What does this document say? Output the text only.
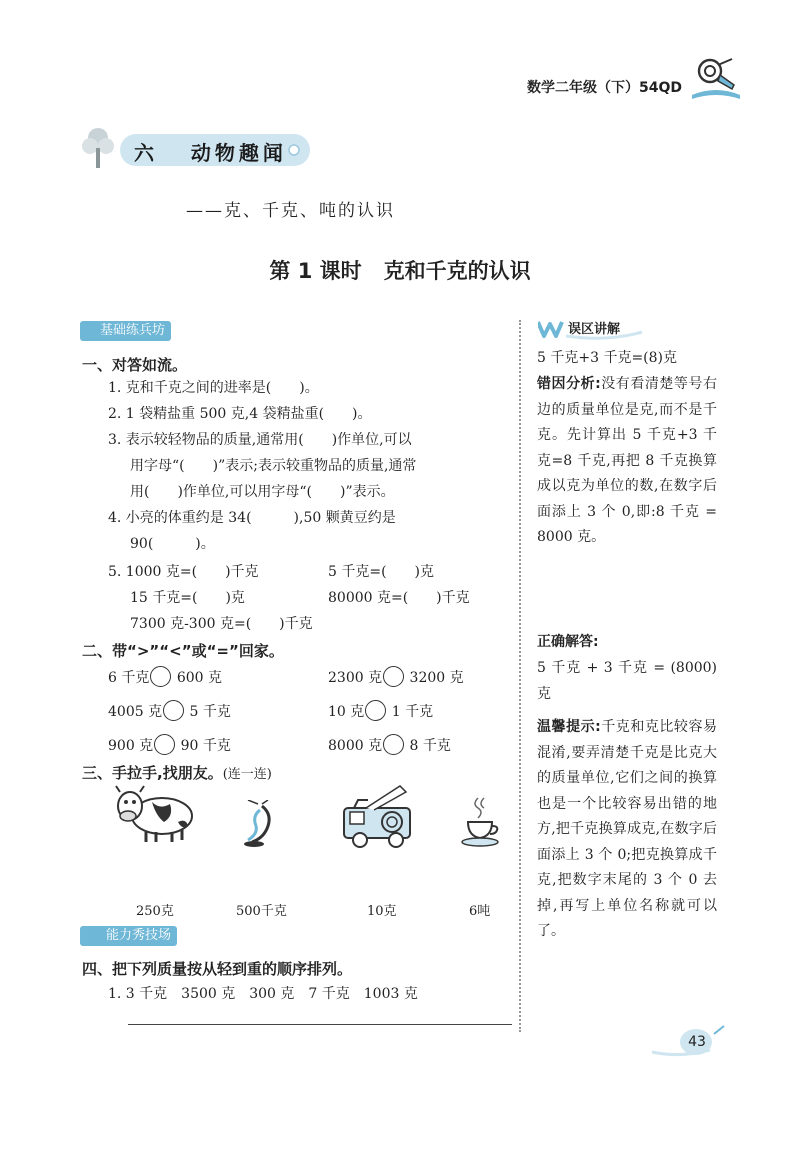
数学二年级（下）54QD
六 动物趣闻
——克、千克、吨的认识
第 1 课时 克和千克的认识
基础练兵坊
一、对答如流。
1. 克和千克之间的进率是(　　)。
2. 1 袋精盐重 500 克,4 袋精盐重(　　)。
3. 表示较轻物品的质量,通常用(　　)作单位,可以
用字母“(　　)”表示;表示较重物品的质量,通常
用(　　)作单位,可以用字母“(　　)”表示。
4. 小亮的体重约是 34(　　　),50 颗黄豆约是
90(　　　)。
5. 1000 克=(　　)千克	5 千克=(　　)克
15 千克=(　　)克	80000 克=(　　)千克
7300 克-300 克=(　　)千克
二、带“>”“<”或“=”回家。
6 千克 600 克	2300 克 3200 克
4005 克 5 千克	10 克 1 千克
900 克 90 千克	8000 克 8 千克
三、手拉手,找朋友。(连一连)
250克	500千克	10克	6吨
能力秀技场
四、把下列质量按从轻到重的顺序排列。
1. 3 千克　3500 克　300 克　7 千克　1003 克
误区讲解
5 千克+3 千克=(8)克
错因分析:没有看清楚等号右边的质量单位是克,而不是千克。先计算出 5 千克+3 千克=8 千克,再把 8 千克换算成以克为单位的数,在数字后面添上 3 个 0,即:8 千克 = 8000 克。
正确解答:
5 千克 + 3 千克 = (8000)克
温馨提示:千克和克比较容易混淆,要弄清楚千克是比克大的质量单位,它们之间的换算也是一个比较容易出错的地方,把千克换算成克,在数字后面添上 3 个 0;把克换算成千克,把数字末尾的 3 个 0 去掉,再写上单位名称就可以了。
43
